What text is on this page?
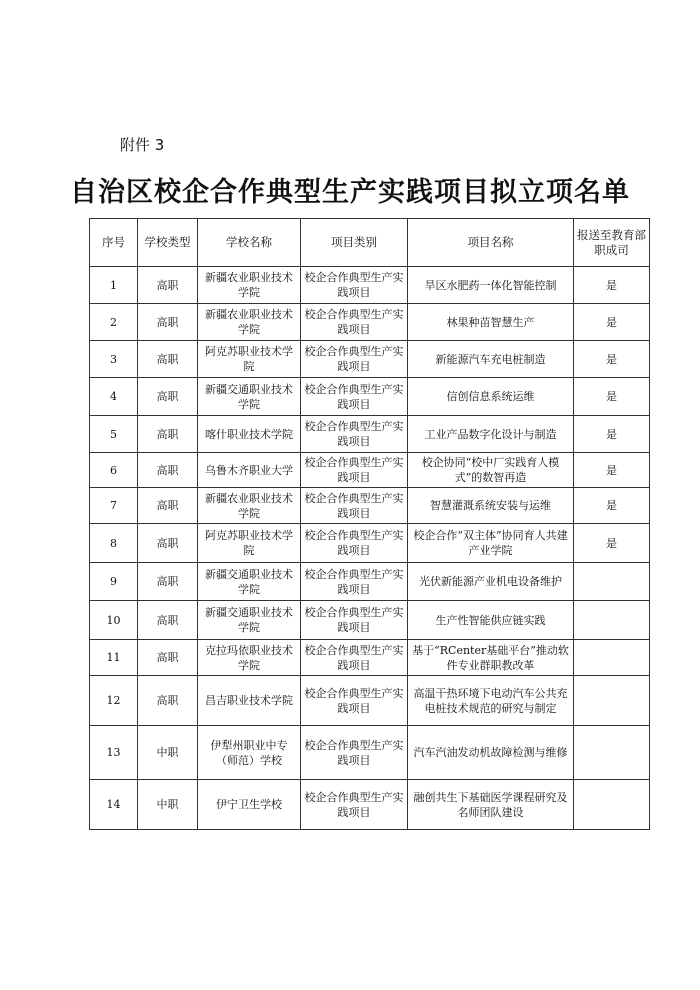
附件 3
自治区校企合作典型生产实践项目拟立项名单
序号	学校类型	学校名称	项目类别	项目名称	报送至教育部职成司
1	高职	新疆农业职业技术学院	校企合作典型生产实践项目	旱区水肥药一体化智能控制	是
2	高职	新疆农业职业技术学院	校企合作典型生产实践项目	林果种苗智慧生产	是
3	高职	阿克苏职业技术学院	校企合作典型生产实践项目	新能源汽车充电桩制造	是
4	高职	新疆交通职业技术学院	校企合作典型生产实践项目	信创信息系统运维	是
5	高职	喀什职业技术学院	校企合作典型生产实践项目	工业产品数字化设计与制造	是
6	高职	乌鲁木齐职业大学	校企合作典型生产实践项目	校企协同“校中厂实践育人模式”的数智再造	是
7	高职	新疆农业职业技术学院	校企合作典型生产实践项目	智慧灌溉系统安装与运维	是
8	高职	阿克苏职业技术学院	校企合作典型生产实践项目	校企合作“双主体”协同育人共建产业学院	是
9	高职	新疆交通职业技术学院	校企合作典型生产实践项目	光伏新能源产业机电设备维护	
10	高职	新疆交通职业技术学院	校企合作典型生产实践项目	生产性智能供应链实践	
11	高职	克拉玛依职业技术学院	校企合作典型生产实践项目	基于“RCenter基础平台”推动软件专业群职教改革	
12	高职	昌吉职业技术学院	校企合作典型生产实践项目	高温干热环境下电动汽车公共充电桩技术规范的研究与制定	
13	中职	伊犁州职业中专（师范）学校	校企合作典型生产实践项目	汽车汽油发动机故障检测与维修	
14	中职	伊宁卫生学校	校企合作典型生产实践项目	融创共生下基础医学课程研究及名师团队建设	
